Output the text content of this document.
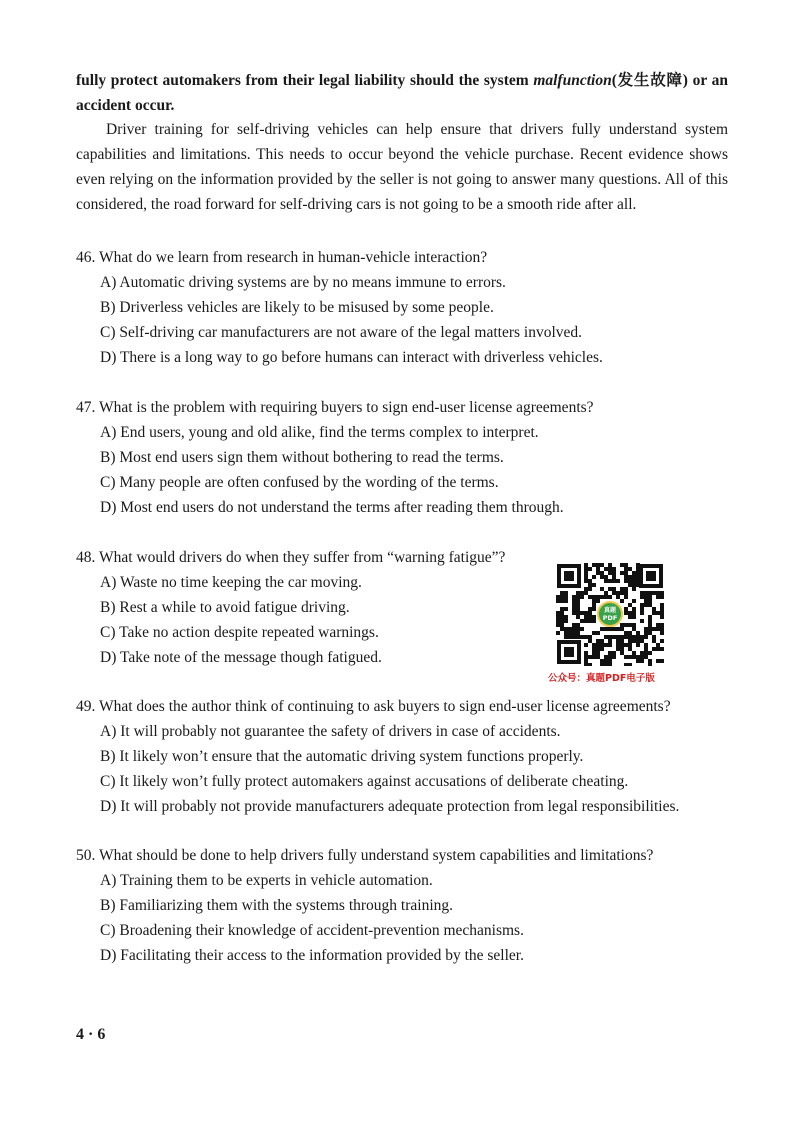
fully protect automakers from their legal liability should the system malfunction(发生故障) or an accident occur.

Driver training for self-driving vehicles can help ensure that drivers fully understand system capabilities and limitations. This needs to occur beyond the vehicle purchase. Recent evidence shows even relying on the information provided by the seller is not going to answer many questions. All of this considered, the road forward for self-driving cars is not going to be a smooth ride after all.

46. What do we learn from research in human-vehicle interaction?

A) Automatic driving systems are by no means immune to errors.

B) Driverless vehicles are likely to be misused by some people.

C) Self-driving car manufacturers are not aware of the legal matters involved.

D) There is a long way to go before humans can interact with driverless vehicles.

47. What is the problem with requiring buyers to sign end-user license agreements?

A) End users, young and old alike, find the terms complex to interpret.

B) Most end users sign them without bothering to read the terms.

C) Many people are often confused by the wording of the terms.

D) Most end users do not understand the terms after reading them through.

48. What would drivers do when they suffer from “warning fatigue”?

A) Waste no time keeping the car moving.

B) Rest a while to avoid fatigue driving.

C) Take no action despite repeated warnings.

D) Take note of the message though fatigued.

49. What does the author think of continuing to ask buyers to sign end-user license agreements?

A) It will probably not guarantee the safety of drivers in case of accidents.

B) It likely won’t ensure that the automatic driving system functions properly.

C) It likely won’t fully protect automakers against accusations of deliberate cheating.

D) It will probably not provide manufacturers adequate protection from legal responsibilities.

50. What should be done to help drivers fully understand system capabilities and limitations?

A) Training them to be experts in vehicle automation.

B) Familiarizing them with the systems through training.

C) Broadening their knowledge of accident-prevention mechanisms.

D) Facilitating their access to the information provided by the seller.

真题
PDF
公众号：真题PDF电子版
4 · 6
